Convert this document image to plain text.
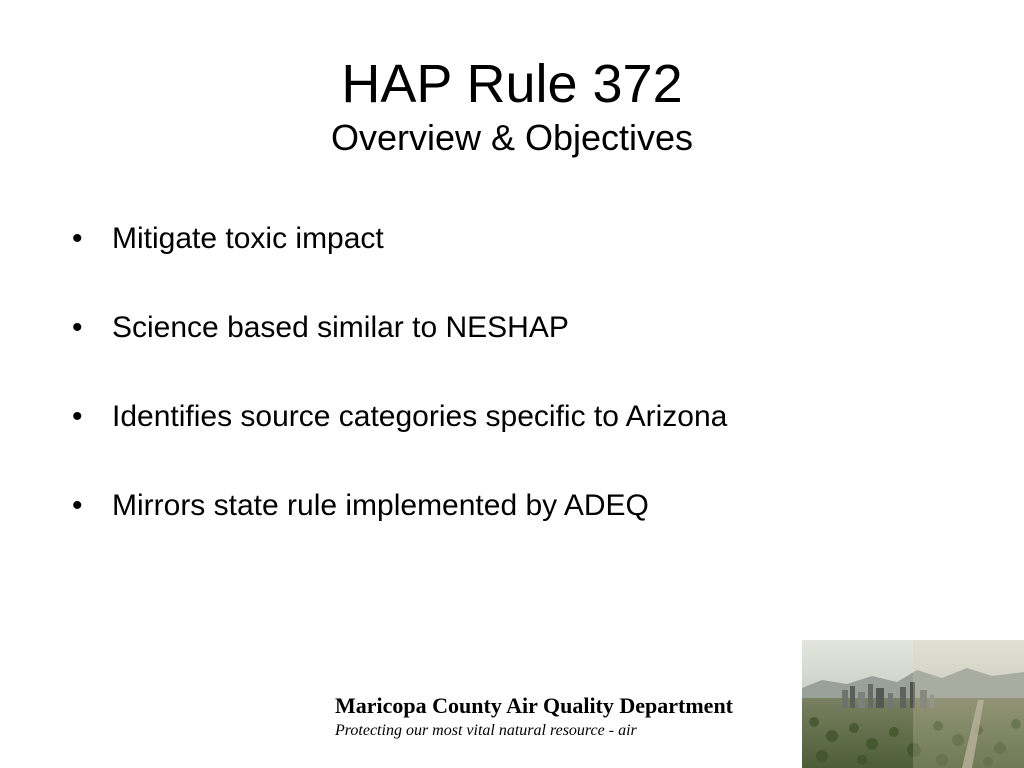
HAP Rule 372
Overview & Objectives
• Mitigate toxic impact
• Science based similar to NESHAP
• Identifies source categories specific to Arizona
• Mirrors state rule implemented by ADEQ
Maricopa County Air Quality Department
Protecting our most vital natural resource - air
